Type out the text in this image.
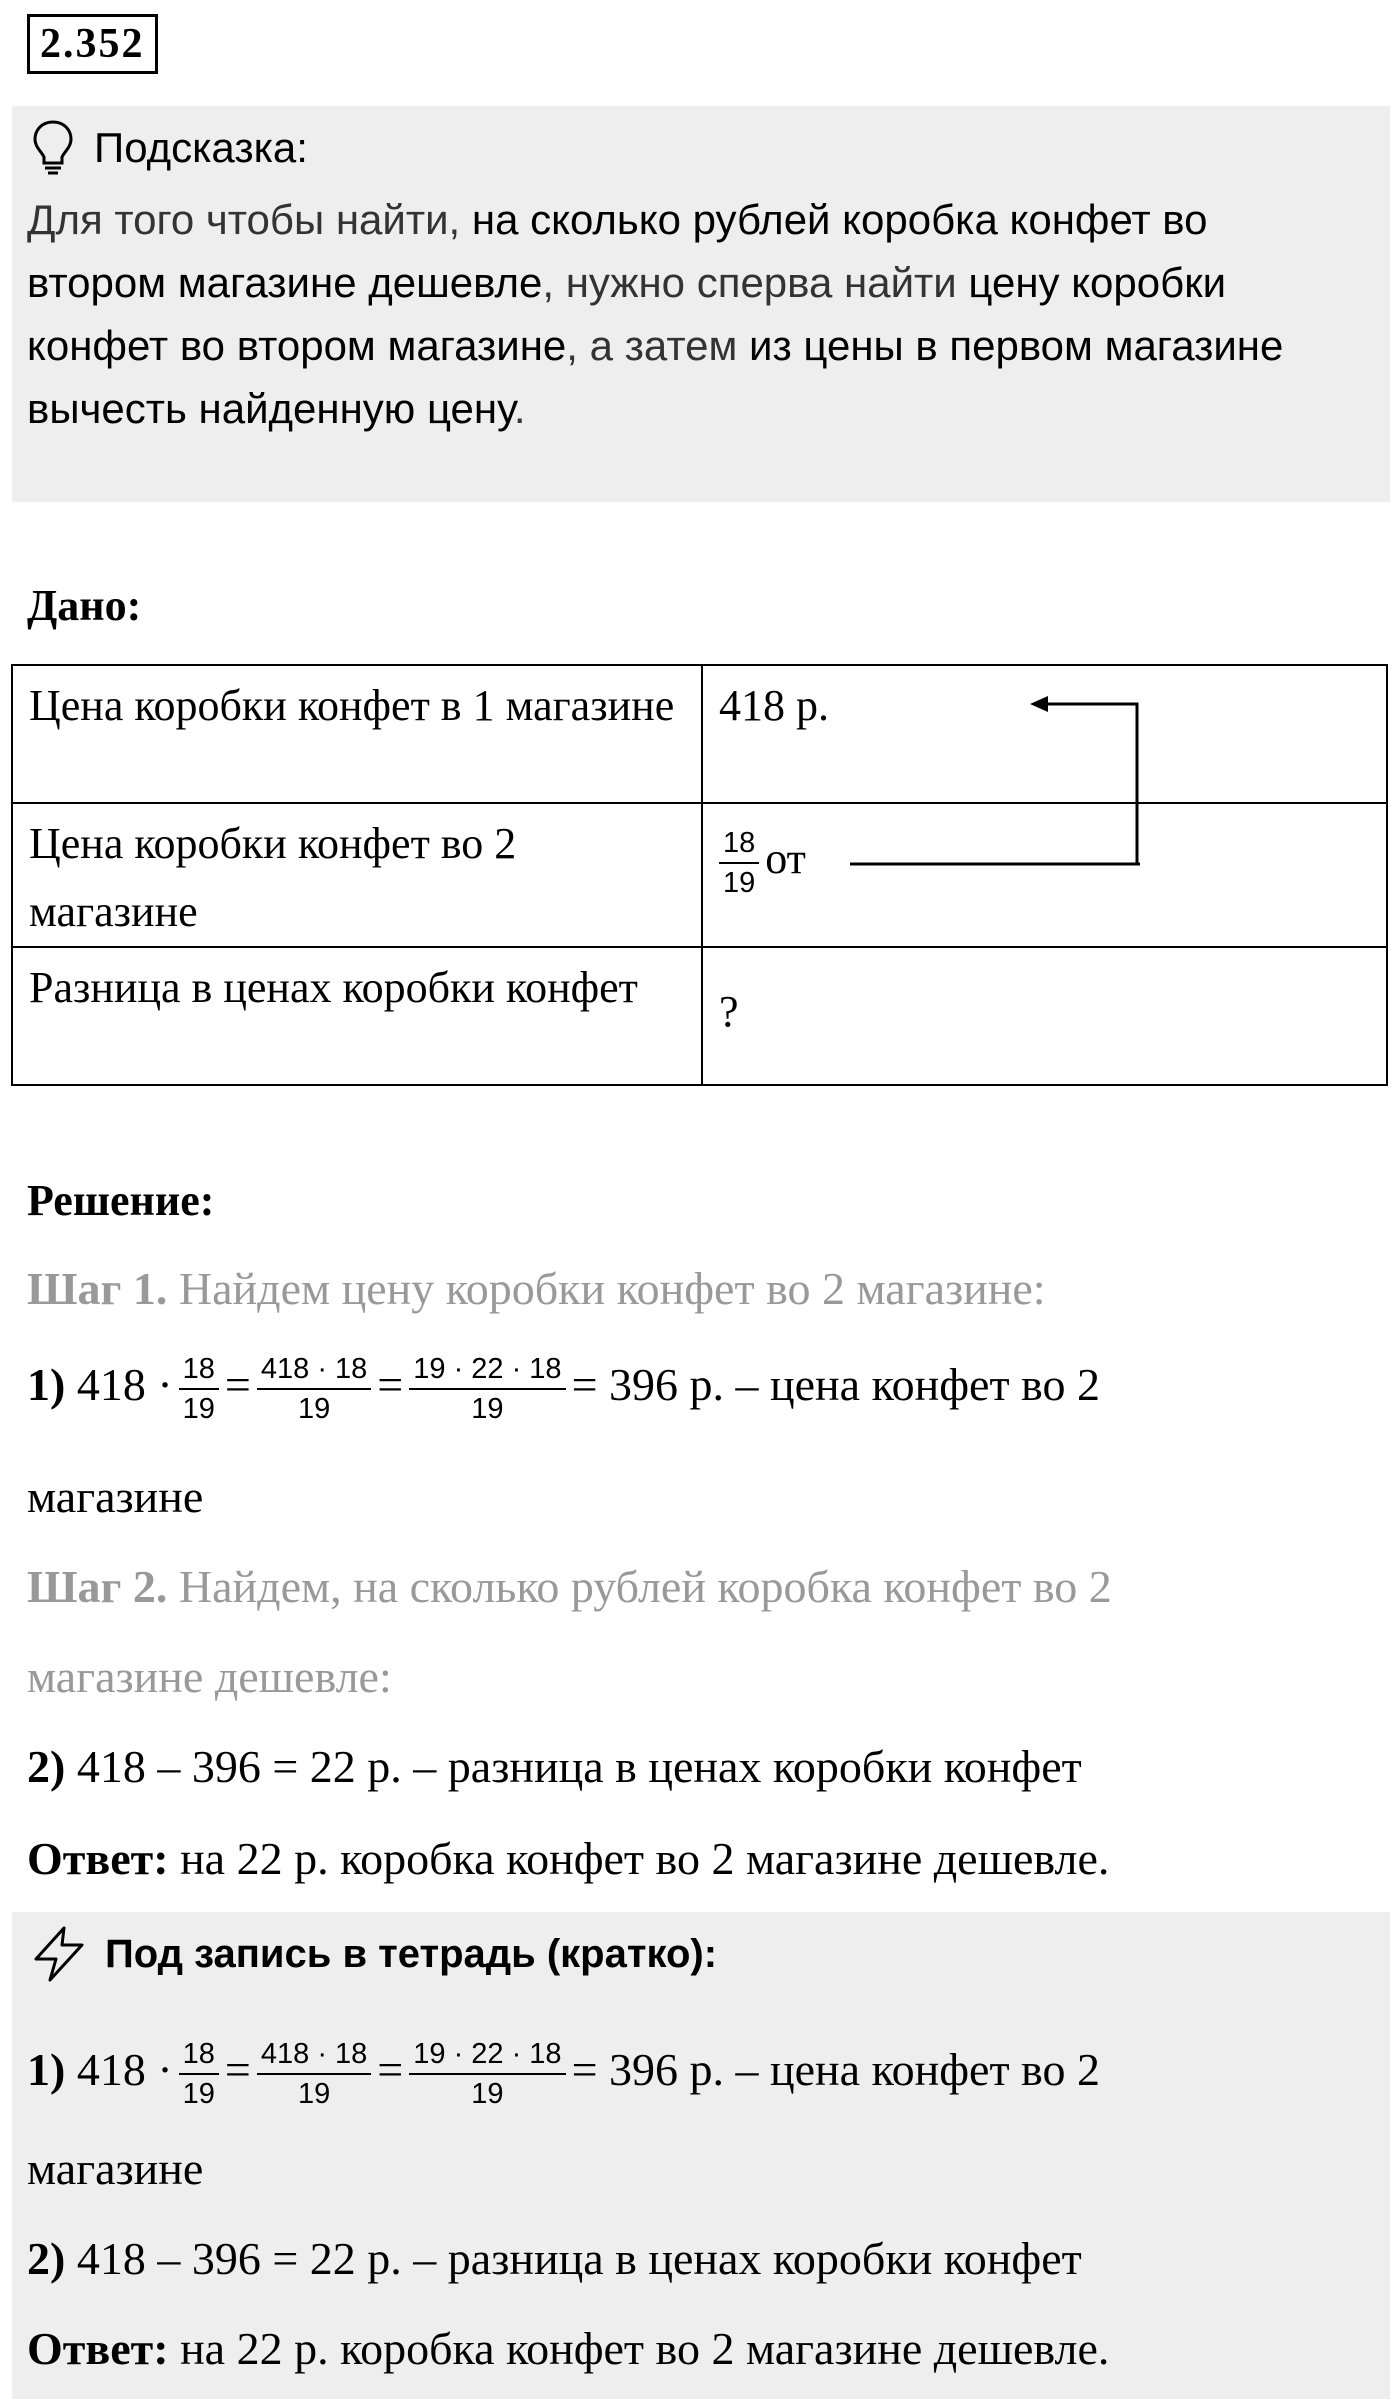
2.352
Подсказка:
Для того чтобы найти, на сколько рублей коробка конфет во втором магазине дешевле, нужно сперва найти цену коробки конфет во втором магазине, а затем из цены в первом магазине вычесть найденную цену.
Дано:
Цена коробки конфет в 1 магазине	418 р.
Цена коробки конфет во 2 магазине	$\frac{18}{19}$ от
Разница в ценах коробки конфет	?
Решение:
Шаг 1. Найдем цену коробки конфет во 2 магазине:
1) $418 \cdot \frac{18}{19} = \frac{418 \cdot 18}{19} = \frac{19 \cdot 22 \cdot 18}{19} = 396$ р. – цена конфет во 2
магазине
Шаг 2. Найдем, на сколько рублей коробка конфет во 2
магазине дешевле:
2) 418 – 396 = 22 р. – разница в ценах коробки конфет
Ответ: на 22 р. коробка конфет во 2 магазине дешевле.
Под запись в тетрадь (кратко):
1) $418 \cdot \frac{18}{19} = \frac{418 \cdot 18}{19} = \frac{19 \cdot 22 \cdot 18}{19} = 396$ р. – цена конфет во 2
магазине
2) 418 – 396 = 22 р. – разница в ценах коробки конфет
Ответ: на 22 р. коробка конфет во 2 магазине дешевле.
